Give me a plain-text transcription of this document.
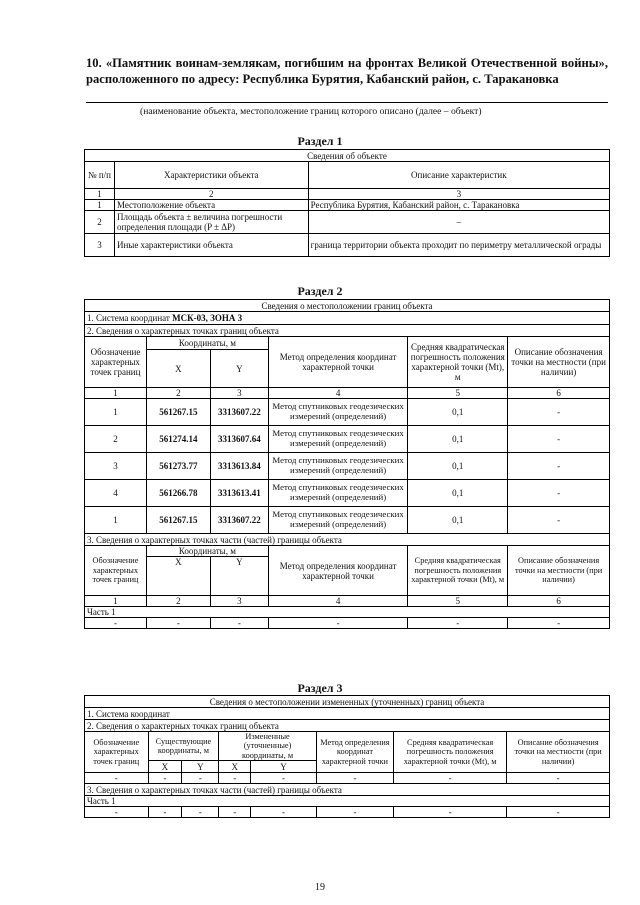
10. «Памятник воинам-землякам, погибшим на фронтах Великой Отечественной войны», расположенного по адресу: Республика Бурятия, Кабанский район, с. Таракановка
(наименование объекта, местоположение границ которого описано (далее – объект)
Раздел 1
Сведения об объекте		
№ п/п	Характеристики объекта	Описание характеристик
1	2	3
1	Местоположение объекта	Республика Бурятия, Кабанский район, с. Таракановка
2	Площадь объекта ± величина погрешности определения площади (P ± ΔP)	–
3	Иные характеристики объекта	граница территории объекта проходит по периметру металлической ограды
Раздел 2
Сведения о местоположении границ объекта					
1. Система координат МСК-03, ЗОНА 3					
2. Сведения о характерных точках границ объекта					
Обозначение характерных точек границ	Координаты, м		Метод определения координат характерной точки	Средняя квадратическая погрешность положения характерной точки (Mt), м	Описание обозначения точки на местности (при наличии)
	X	Y			
1	2	3	4	5	6
1	561267.15	3313607.22	Метод спутниковых геодезических измерений (определений)	0,1	-
2	561274.14	3313607.64	Метод спутниковых геодезических измерений (определений)	0,1	-
3	561273.77	3313613.84	Метод спутниковых геодезических измерений (определений)	0,1	-
4	561266.78	3313613.41	Метод спутниковых геодезических измерений (определений)	0,1	-
1	561267.15	3313607.22	Метод спутниковых геодезических измерений (определений)	0,1	-
3. Сведения о характерных точках части (частей) границы объекта					
Обозначение характерных точек границ	Координаты, м		Метод определения координат характерной точки	Средняя квадратическая погрешность положения характерной точки (Mt), м	Описание обозначения точки на местности (при наличии)
	X	Y			
1	2	3	4	5	6
Часть 1					
-	-	-	-	-	-
Раздел 3
Сведения о местоположении измененных (уточненных) границ объекта							
1. Система координат							
2. Сведения о характерных точках границ объекта							
Обозначение характерных точек границ	Существующие координаты, м		Измененные (уточненные) координаты, м		Метод определения координат характерной точки	Средняя квадратическая погрешность положения характерной точки (Mt), м	Описание обозначения точки на местности (при наличии)
	X	Y	X	Y			
-	-	-	-	-	-	-	-
3. Сведения о характерных точках части (частей) границы объекта							
Часть 1							
-	-	-	-	-	-	-	-
19
